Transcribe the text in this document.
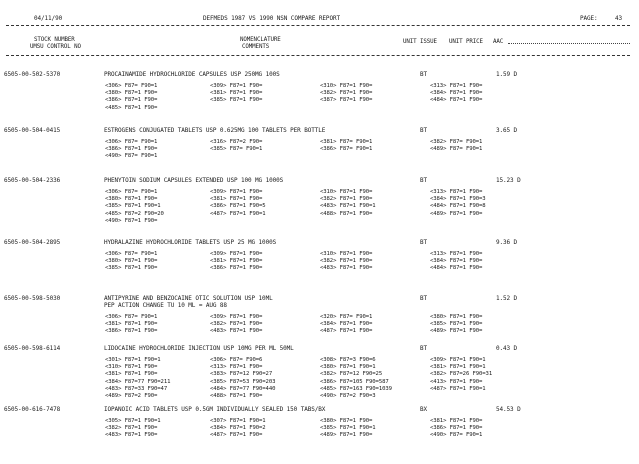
04/11/90	DEFMEDS 1987 VS 1990 NSN COMPARE REPORT	PAGE:	43
STOCK NUMBER
UMSU CONTROL NO
NOMENCLATURE
COMMENTS
UNIT ISSUE UNIT PRICE AAC
6505-00-502-5370	PROCAINAMIDE HYDROCHLORIDE CAPSULES USP 250MG 100S	BT	1.59 D
<306> F87= F90=1	<309> F87=1 F90=	<310> F87=1 F90=	<313> F87=1 F90=
<380> F87=1 F90=	<381> F87=1 F90=	<382> F87=1 F90=	<384> F87=1 F90=
<386> F87=1 F90=	<385> F87=1 F90=	<387> F87=1 F90=	<484> F87=1 F90=
<485> F87=1 F90=
6505-00-504-0415	ESTROGENS CONJUGATED TABLETS USP 0.625MG 100 TABLETS PER BOTTLE	BT	3.65 D
<306> F87= F90=1	<316> F87=2 F90=	<381> F87= F90=1	<382> F87= F90=1
<386> F87=1 F90=	<385> F87= F90=1	<386> F87= F90=1	<489> F87= F90=1
<490> F87= F90=1
6505-00-504-2336	PHENYTOIN SODIUM CAPSULES EXTENDED USP 100 MG 1000S	BT	15.23 D
<306> F87= F90=1	<309> F87=1 F90=	<310> F87=1 F90=	<313> F87=1 F90=
<380> F87=1 F90=	<381> F87=1 F90=	<382> F87=1 F90=	<384> F87=1 F90=3
<385> F87=1 F90=1	<386> F87=1 F90=5	<483> F87=1 F90=1	<484> F87=1 F90=8
<485> F87=2 F90=20	<487> F87=1 F90=1	<488> F87=1 F90=	<489> F87=1 F90=
<490> F87=1 F90=
6505-00-504-2895	HYDRALAZINE HYDROCHLORIDE TABLETS USP 25 MG 1000S	BT	9.36 D
<306> F87= F90=1	<309> F87=1 F90=	<310> F87=1 F90=	<313> F87=1 F90=
<380> F87=1 F90=	<381> F87=1 F90=	<382> F87=1 F90=	<384> F87=1 F90=
<385> F87=1 F90=	<386> F87=1 F90=	<483> F87=1 F90=	<484> F87=1 F90=
6505-00-598-5030	ANTIPYRINE AND BENZOCAINE OTIC SOLUTION USP 10ML	BT	1.52 D
PEP ACTION CHANGE TU 10 ML = AUG 88
<306> F87= F90=1	<309> F87=1 F90=	<320> F87= F90=1	<380> F87=1 F90=
<381> F87=1 F90=	<382> F87=1 F90=	<384> F87=1 F90=	<385> F87=1 F90=
<386> F87=1 F90=	<483> F87=1 F90=	<487> F87=1 F90=	<489> F87=1 F90=
6505-00-598-6114	LIDOCAINE HYDROCHLORIDE INJECTION USP 10MG PER ML 50ML	BT	0.43 D
<301> F87=1 F90=1	<306> F87= F90=6	<308> F87=3 F90=6	<309> F87=1 F90=1
<310> F87=1 F90=	<313> F87=1 F90=	<380> F87=1 F90=1	<381> F87=1 F90=1
<381> F87=1 F90=	<383> F87=12 F90=27	<382> F87=12 F90=25	<382> F87=26 F90=31
<384> F87=77 F90=211	<385> F87=53 F90=203	<386> F87=105 F90=587	<413> F87=1 F90=
<483> F87=33 F90=47	<484> F87=77 F90=440	<485> F87=163 F90=1039	<487> F87=1 F90=1
<489> F87=2 F90=	<488> F87=1 F90=	<490> F87=2 F90=3
6505-00-616-7478	IOPANOIC ACID TABLETS USP 0.5GM INDIVIDUALLY SEALED 150 TABS/BX	BX	54.53 D
<305> F87=1 F90=1	<307> F87=1 F90=1	<380> F87=1 F90=	<381> F87=1 F90=
<382> F87=1 F90=	<384> F87=1 F90=2	<385> F87=1 F90=1	<386> F87=1 F90=
<483> F87=1 F90=	<487> F87=1 F90=	<489> F87=1 F90=	<490> F87= F90=1
